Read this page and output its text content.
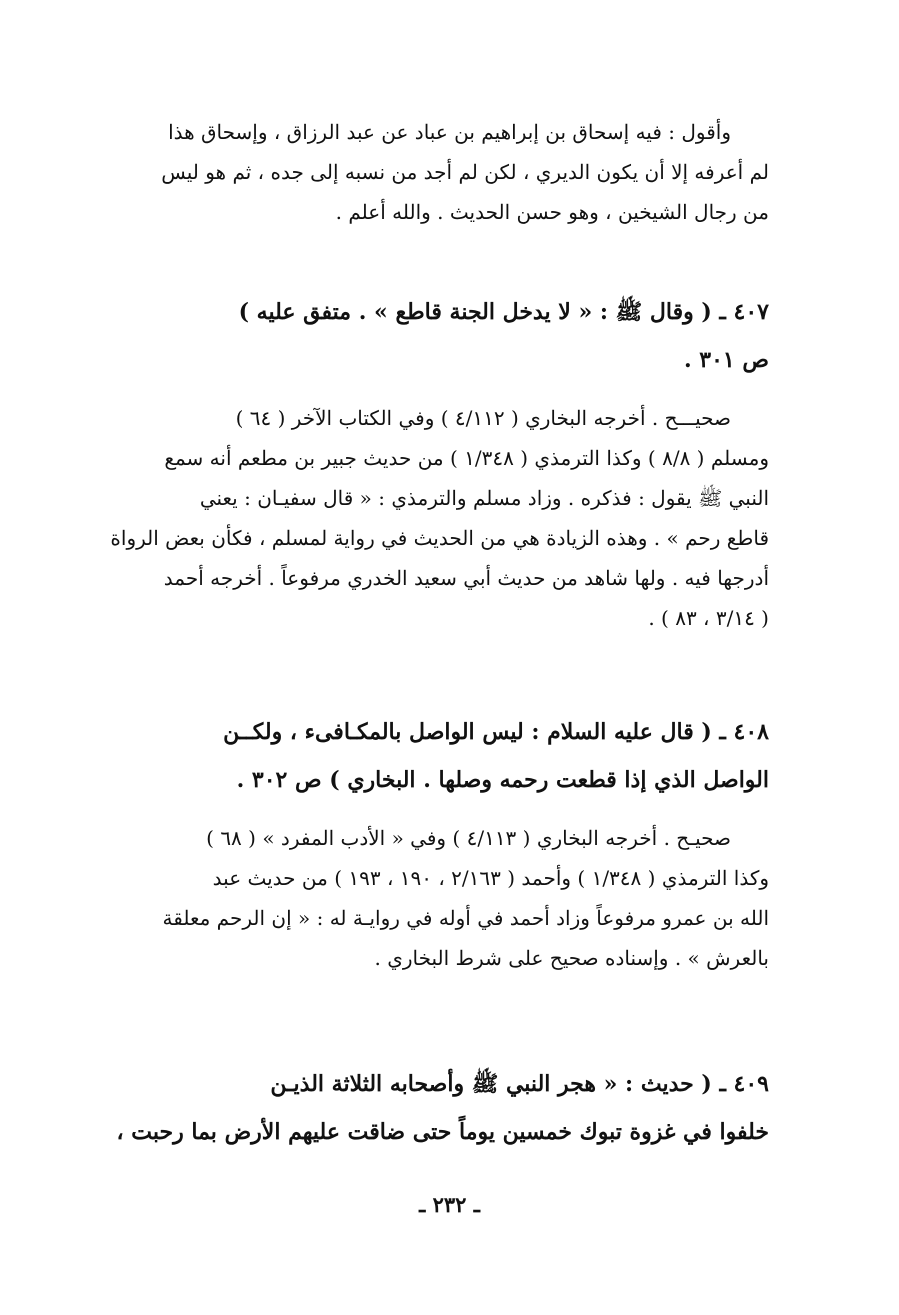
وأقول : فيه إسحاق بن إبراهيم بن عباد عن عبد الرزاق ، وإسحاق هذا
لم أعرفه إلا أن يكون الديري ، لكن لم أجد من نسبه إلى جده ، ثم هو ليس
من رجال الشيخين ، وهو حسن الحديث . والله أعلم .
٤٠٧ ـ ( وقال ﷺ : « لا يدخل الجنة قاطع » . متفق عليه )
ص ٣٠١ .
صحيـــح . أخرجه البخاري ( ٤/١١٢ ) وفي الكتاب الآخر ( ٦٤ )
ومسلم ( ٨/٨ ) وكذا الترمذي ( ١/٣٤٨ ) من حديث جبير بن مطعم أنه سمع
النبي ﷺ يقول : فذكره . وزاد مسلم والترمذي : « قال سفيـان : يعني
قاطع رحم » . وهذه الزيادة هي من الحديث في رواية لمسلم ، فكأن بعض الرواة
أدرجها فيه . ولها شاهد من حديث أبي سعيد الخدري مرفوعاً . أخرجه أحمد
( ٣/١٤ ، ٨٣ ) .
٤٠٨ ـ ( قال عليه السلام : ليس الواصل بالمكـافىء ، ولكــن
الواصل الذي إذا قطعت رحمه وصلها . البخاري ) ص ٣٠٢ .
صحيـح . أخرجه البخاري ( ٤/١١٣ ) وفي « الأدب المفرد » ( ٦٨ )
وكذا الترمذي ( ١/٣٤٨ ) وأحمد ( ٢/١٦٣ ، ١٩٠ ، ١٩٣ ) من حديث عبد
الله بن عمرو مرفوعاً وزاد أحمد في أوله في روايـة له : « إن الرحم معلقة
بالعرش » . وإسناده صحيح على شرط البخاري .
٤٠٩ ـ ( حديث : « هجر النبي ﷺ وأصحابه الثلاثة الذيـن
خلفوا في غزوة تبوك خمسين يوماً حتى ضاقت عليهم الأرض بما رحبت ،
ـ ٢٣٢ ـ
